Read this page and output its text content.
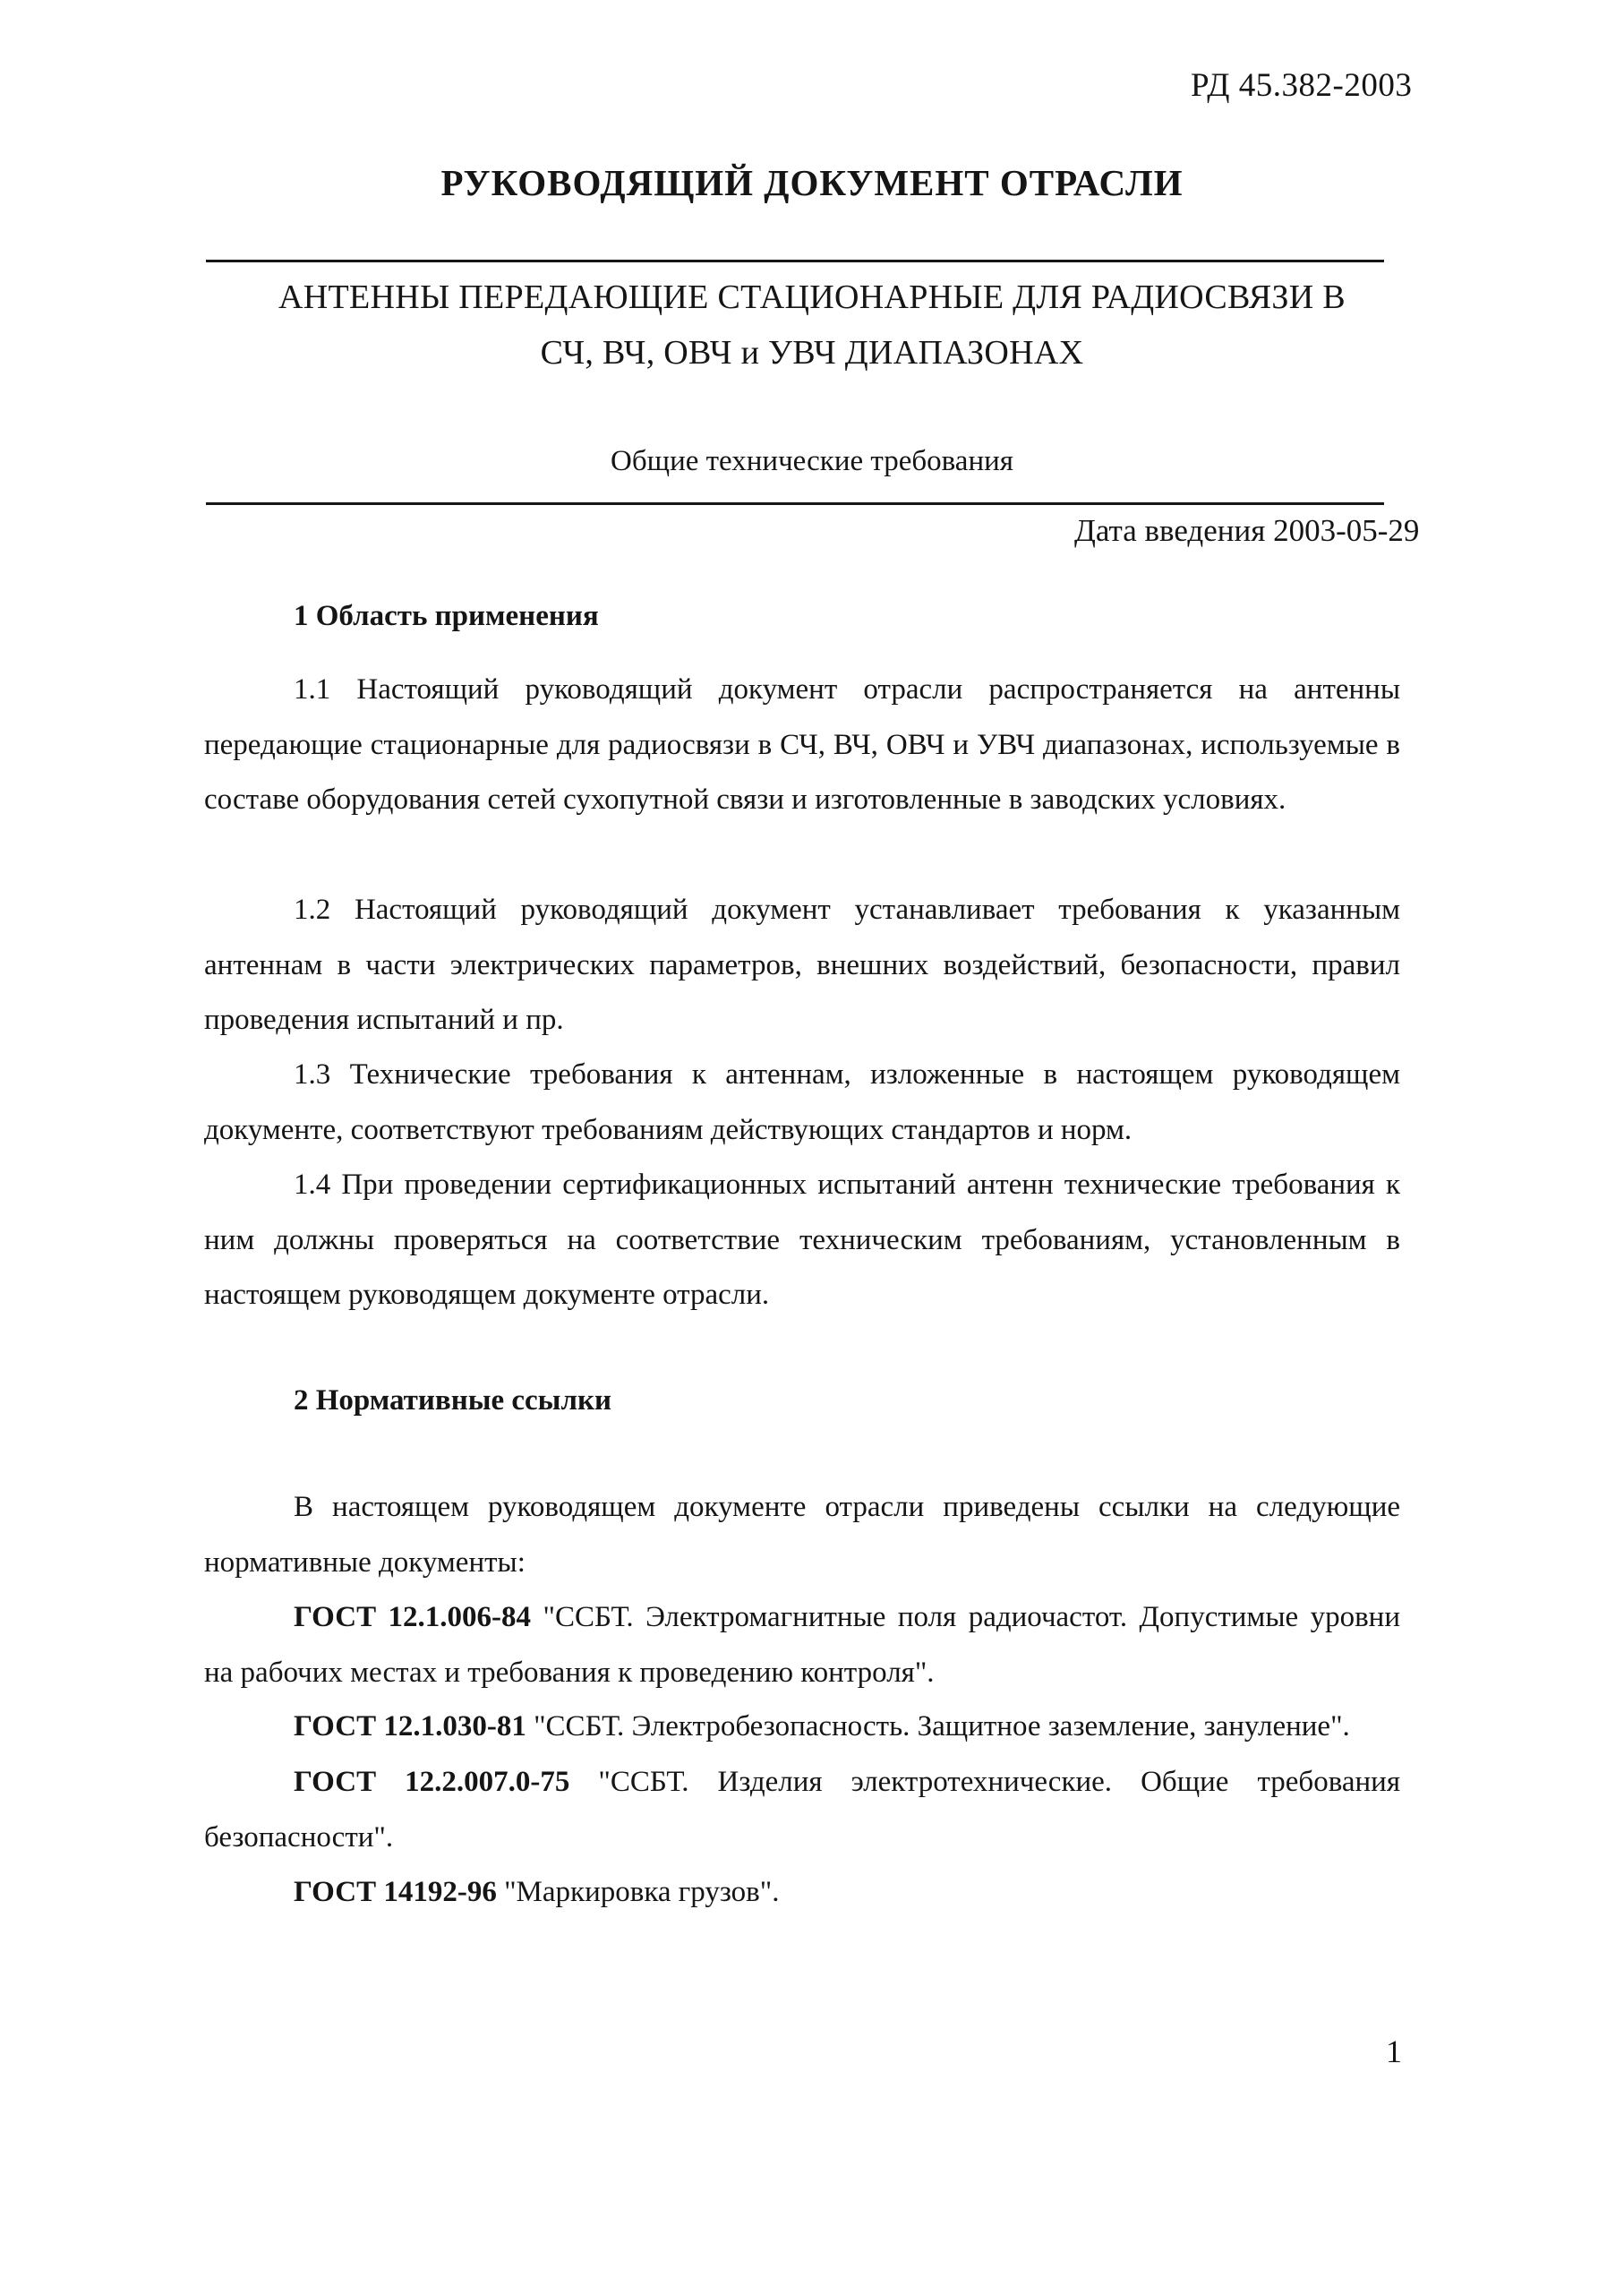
РД 45.382-2003
РУКОВОДЯЩИЙ ДОКУМЕНТ ОТРАСЛИ
АНТЕННЫ ПЕРЕДАЮЩИЕ СТАЦИОНАРНЫЕ ДЛЯ РАДИОСВЯЗИ В
СЧ, ВЧ, ОВЧ и УВЧ ДИАПАЗОНАХ
Общие технические требования
Дата введения 2003-05-29
1 Область применения

1.1 Настоящий руководящий документ отрасли распространяется на антенны передающие стационарные для радиосвязи в СЧ, ВЧ, ОВЧ и УВЧ диапазонах, используемые в составе оборудования сетей сухопутной связи и изготовленные в заводских условиях.

1.2 Настоящий руководящий документ устанавливает требования к указанным антеннам в части электрических параметров, внешних воздействий, безопасности, правил проведения испытаний и пр.

1.3 Технические требования к антеннам, изложенные в настоящем руководящем документе, соответствуют требованиям действующих стандартов и норм.

1.4 При проведении сертификационных испытаний антенн технические требования к ним должны проверяться на соответствие техническим требованиям, установленным в настоящем руководящем документе отрасли.

2 Нормативные ссылки

В настоящем руководящем документе отрасли приведены ссылки на следующие нормативные документы:

ГОСТ 12.1.006-84 "ССБТ. Электромагнитные поля радиочастот. Допустимые уровни на рабочих местах и требования к проведению контроля".

ГОСТ 12.1.030-81 "ССБТ. Электробезопасность. Защитное заземление, зануление".

ГОСТ 12.2.007.0-75 "ССБТ. Изделия электротехнические. Общие требования безопасности".

ГОСТ 14192-96 "Маркировка грузов".

1
